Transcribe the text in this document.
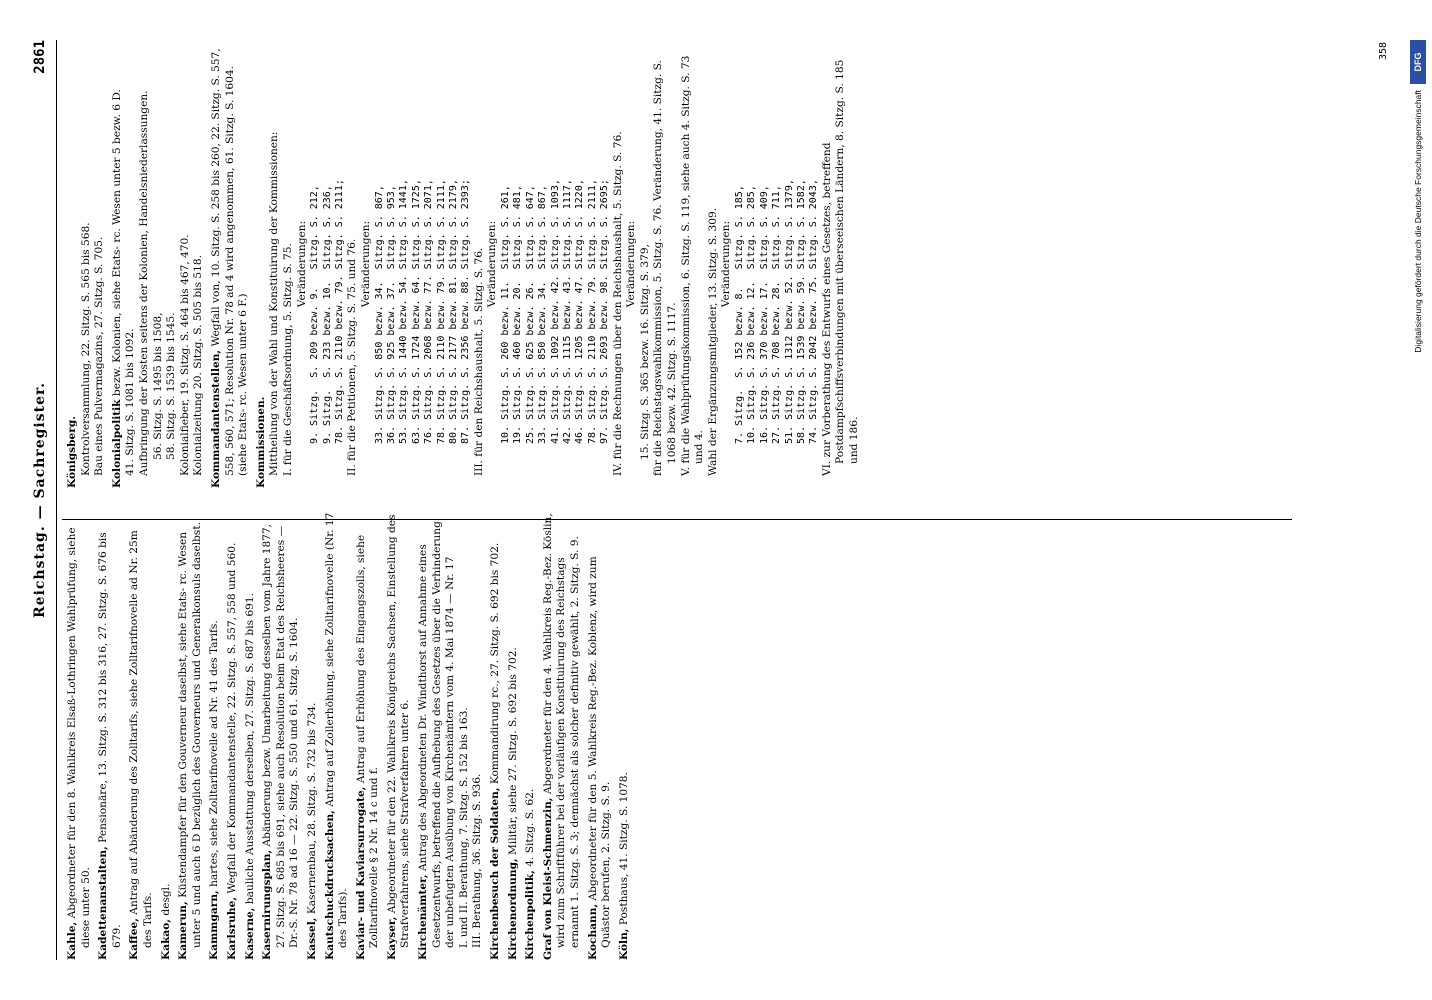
Reichstag. — Sachregister.
2861

Kahle, Abgeordneter für den 8. Wahlkreis Elsaß-Lothringen Wahlprüfung, siehe diese unter 50. Kadettenanstalten, Pensionäre, 13. Sitzg. S. 312 bis 316, 27. Sitzg. S. 676 bis 679. Kaffee, Antrag auf Abänderung des Zolltarifs, siehe Zolltarifnovelle ad Nr. 25m des Tarifs. Kakao, desgl.

Kamerun, Küstendampfer für den Gouverneur daselbst, siehe Etats- rc. Wesen unter 5 und auch 6 D bezüglich des Gouverneurs und Generalkonsuls daselbst. Kammgarn, hartes, siehe Zolltarifnovelle ad Nr. 41 des Tarifs.

Karlsruhe, Wegfall der Kommandantenstelle, 22. Sitzg. S. 557, 558 und 560.

Kaserne, bauliche Ausstattung derselben, 27. Sitzg. S. 687 bis 691.

Kasernirungsplan, Abänderung bezw. Umarbeitung desselben vom Jahre 1877, 27. Sitzg. S. 685 bis 691, siehe auch Resolution beim Etat des Reichsheeres — Dr.-S. Nr. 78 ad 16 — 22. Sitzg. S. 550 und 61. Sitzg. S. 1604. Kassel, Kasernenbau, 28. Sitzg. S. 732 bis 734. Kautschuckdrucksachen, Antrag auf Zollerhöhung, siehe Zolltarifnovelle (Nr. 17 des Tarifs). Kaviar- und Kaviarsurrogate, Antrag auf Erhöhung des Eingangszolls, siehe Zolltarifnovelle § 2 Nr. 14 c und f. Kayser, Abgeordneter für den 22. Wahlkreis Königreichs Sachsen, Einstellung des Strafverfahrens, siehe Strafverfahren unter 6. Kirchenämter, Antrag des Abgeordneten Dr. Windthorst auf Annahme eines Gesetzentwurfs, betreffend die Aufhebung des Gesetzes über die Verhinderung der unbefugten Ausübung von Kirchenämtern vom 4. Mai 1874 — Nr. 17 I. und II. Berathung, 7. Sitzg. S. 152 bis 163. III. Berathung, 36. Sitzg. S. 936. Kirchenbesuch der Soldaten, Kommandirung rc., 27. Sitzg. S. 692 bis 702.

Kirchenordnung, Militär, siehe 27. Sitzg. S. 692 bis 702.

Kirchenpolitik, 4. Sitzg. S. 62. Graf von Kleist-Schmenzin, Abgeordneter für den 4. Wahlkreis Reg.-Bez. Köslin, wird zum Schriftführer bei der vorläufigen Konstituirung des Reichstags ernannt 1. Sitzg. S. 3; demnächst als solcher definitiv gewählt, 2. Sitzg. S. 9. Kochann, Abgeordneter für den 5. Wahlkreis Reg.-Bez. Koblenz, wird zum Quästor berufen, 2. Sitzg. S. 9. Köln, Posthaus, 41. Sitzg. S. 1078.

Königsberg. Kontrolversammlung, 22. Sitzg. S. 565 bis 568. Bau eines Pulvermagazins, 27. Sitzg. S. 705. Kolonialpolitik bezw. Kolonien, siehe Etats- rc. Wesen unter 5 bezw. 6 D.

41. Sitzg. S. 1081 bis 1092. Aufbringung der Kosten seitens der Kolonien, Handelsniederlassungen. 56. Sitzg. S. 1495 bis 1508, 58. Sitzg. S. 1539 bis 1545. Kolonialfieber, 19. Sitzg. S. 464 bis 467, 470. Kolonialzeitung 20. Sitzg. S. 505 bis 518. Kommandantenstellen, Wegfall von, 10. Sitzg. S. 258 bis 260, 22. Sitzg. S. 557, 558, 560, 571; Resolution Nr. 78 ad 4 wird angenommen, 61. Sitzg. S. 1604. (siehe Etats- rc. Wesen unter 6 F.) Kommissionen. Mittheilung von der Wahl und Konstituirung der Kommissionen: I. für die Geschäftsordnung, 5. Sitzg. S. 75. Veränderungen:

9. Sitzg.	S. 209 bezw. 9.	Sitzg.	S. 212,
9. Sitzg.	S. 233 bezw. 10.	Sitzg.	S. 236,
78. Sitzg.	S. 2110 bezw. 79.	Sitzg.	S. 2111;

II. für die Petitionen, 5. Sitzg. S. 75. und 76. Veränderungen:

33. Sitzg.	S. 850 bezw. 34.	Sitzg.	S. 867,
36. Sitzg.	S. 925 bezw. 37.	Sitzg.	S. 953,
53. Sitzg.	S. 1440 bezw. 54.	Sitzg.	S. 1441,
63. Sitzg.	S. 1724 bezw. 64.	Sitzg.	S. 1725,
76. Sitzg.	S. 2068 bezw. 77.	Sitzg.	S. 2071,
78. Sitzg.	S. 2110 bezw. 79.	Sitzg.	S. 2111,
80. Sitzg.	S. 2177 bezw. 81.	Sitzg.	S. 2179,
87. Sitzg.	S. 2356 bezw. 88.	Sitzg.	S. 2393;

III. für den Reichshaushalt, 5. Sitzg. S. 76. Veränderungen:

10. Sitzg.	S. 260 bezw. 11.	Sitzg.	S. 261,
19. Sitzg.	S. 460 bezw. 20.	Sitzg.	S. 481,
25. Sitzg.	S. 625 bezw. 26.	Sitzg.	S. 647,
33. Sitzg.	S. 850 bezw. 34.	Sitzg.	S. 867,
41. Sitzg.	S. 1092 bezw. 42.	Sitzg.	S. 1093,
42. Sitzg.	S. 1115 bezw. 43.	Sitzg.	S. 1117,
46. Sitzg.	S. 1205 bezw. 47.	Sitzg.	S. 1220,
78. Sitzg.	S. 2110 bezw. 79.	Sitzg.	S. 2111,
97. Sitzg.	S. 2693 bezw. 98.	Sitzg.	S. 2695; IV. für die Rechnungen über den Reichshaushalt, 5. Sitzg. S. 76. Veränderungen: 15. Sitzg. S. 365 bezw. 16. Sitzg. S. 379, für die Reichstagswahlkommission, 5. Sitzg. S. 76. Veränderung, 41. Sitzg. S. 1068 bezw. 42. Sitzg. S. 1117. V. für die Wahlprüfungskommission, 6. Sitzg. S. 119, siehe auch 4. Sitzg. S. 73 und 4. Wahl der Ergänzungsmitglieder, 13. Sitzg. S. 309. Veränderungen:

7. Sitzg.	S. 152 bezw. 8.	Sitzg.	S. 185,
10. Sitzg.	S. 236 bezw. 12.	Sitzg.	S. 285,
16. Sitzg.	S. 370 bezw. 17.	Sitzg.	S. 409,
27. Sitzg.	S. 708 bezw. 28.	Sitzg.	S. 711,
51. Sitzg.	S. 1312 bezw. 52.	Sitzg.	S. 1379,
58. Sitzg.	S. 1539 bezw. 59.	Sitzg.	S. 1582,
74. Sitzg.	S. 2042 bezw. 75.	Sitzg.	S. 2043, VI. zur Vorberathung des Entwurfs eines Gesetzes, betreffend Postdampfschiffsverbindungen mit überseeischen Ländern, 8. Sitzg. S. 185 und 186.

358
Digitalisierung gefördert durch die Deutsche Forschungsgemeinschaft
DFG
